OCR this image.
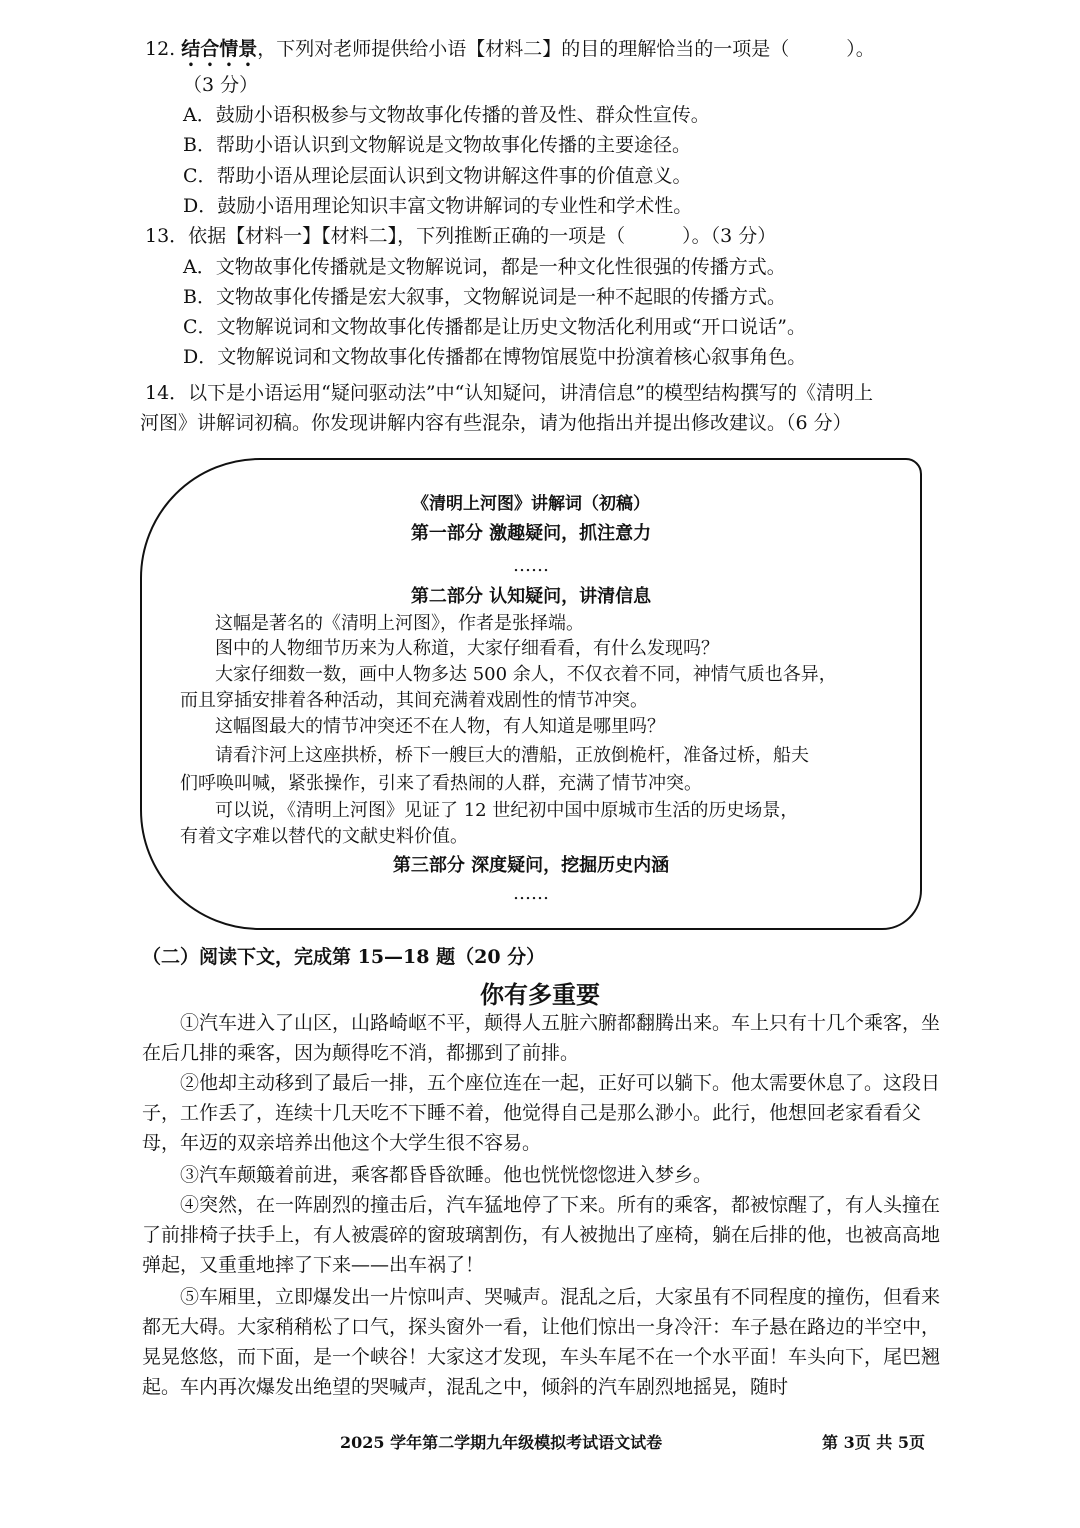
12. 结合情景，下列对老师提供给小语【材料二】的目的理解恰当的一项是（　　　）。
（3 分）
A．鼓励小语积极参与文物故事化传播的普及性、群众性宣传。
B．帮助小语认识到文物解说是文物故事化传播的主要途径。
C．帮助小语从理论层面认识到文物讲解这件事的价值意义。
D．鼓励小语用理论知识丰富文物讲解词的专业性和学术性。
13．依据【材料一】【材料二】，下列推断正确的一项是（　　　）。（3 分）
A．文物故事化传播就是文物解说词，都是一种文化性很强的传播方式。
B．文物故事化传播是宏大叙事，文物解说词是一种不起眼的传播方式。
C．文物解说词和文物故事化传播都是让历史文物活化利用或“开口说话”。
D．文物解说词和文物故事化传播都在博物馆展览中扮演着核心叙事角色。
14．以下是小语运用“疑问驱动法”中“认知疑问，讲清信息”的模型结构撰写的《清明上
河图》讲解词初稿。你发现讲解内容有些混杂，请为他指出并提出修改建议。（6 分）
《清明上河图》讲解词（初稿）
第一部分 激趣疑问，抓注意力
……
第二部分 认知疑问，讲清信息
这幅是著名的《清明上河图》，作者是张择端。
图中的人物细节历来为人称道，大家仔细看看，有什么发现吗？
大家仔细数一数，画中人物多达 500 余人，不仅衣着不同，神情气质也各异，
而且穿插安排着各种活动，其间充满着戏剧性的情节冲突。
这幅图最大的情节冲突还不在人物，有人知道是哪里吗？
请看汴河上这座拱桥，桥下一艘巨大的漕船，正放倒桅杆，准备过桥，船夫
们呼唤叫喊，紧张操作，引来了看热闹的人群，充满了情节冲突。
可以说，《清明上河图》见证了 12 世纪初中国中原城市生活的历史场景，
有着文字难以替代的文献史料价值。
第三部分 深度疑问，挖掘历史内涵
……
（二）阅读下文，完成第 15—18 题（20 分）
你有多重要
①汽车进入了山区，山路崎岖不平，颠得人五脏六腑都翻腾出来。车上只有十几个乘客，坐在后几排的乘客，因为颠得吃不消，都挪到了前排。
②他却主动移到了最后一排，五个座位连在一起，正好可以躺下。他太需要休息了。这段日子，工作丢了，连续十几天吃不下睡不着，他觉得自己是那么渺小。此行，他想回老家看看父母，年迈的双亲培养出他这个大学生很不容易。
③汽车颠簸着前进，乘客都昏昏欲睡。他也恍恍惚惚进入梦乡。
④突然，在一阵剧烈的撞击后，汽车猛地停了下来。所有的乘客，都被惊醒了，有人头撞在了前排椅子扶手上，有人被震碎的窗玻璃割伤，有人被抛出了座椅，躺在后排的他，也被高高地弹起，又重重地摔了下来——出车祸了！
⑤车厢里，立即爆发出一片惊叫声、哭喊声。混乱之后，大家虽有不同程度的撞伤，但看来都无大碍。大家稍稍松了口气，探头窗外一看，让他们惊出一身冷汗：车子悬在路边的半空中，晃晃悠悠，而下面，是一个峡谷！大家这才发现，车头车尾不在一个水平面！车头向下，尾巴翘起。车内再次爆发出绝望的哭喊声，混乱之中，倾斜的汽车剧烈地摇晃，随时
2025 学年第二学期九年级模拟考试语文试卷	第 3页 共 5页
